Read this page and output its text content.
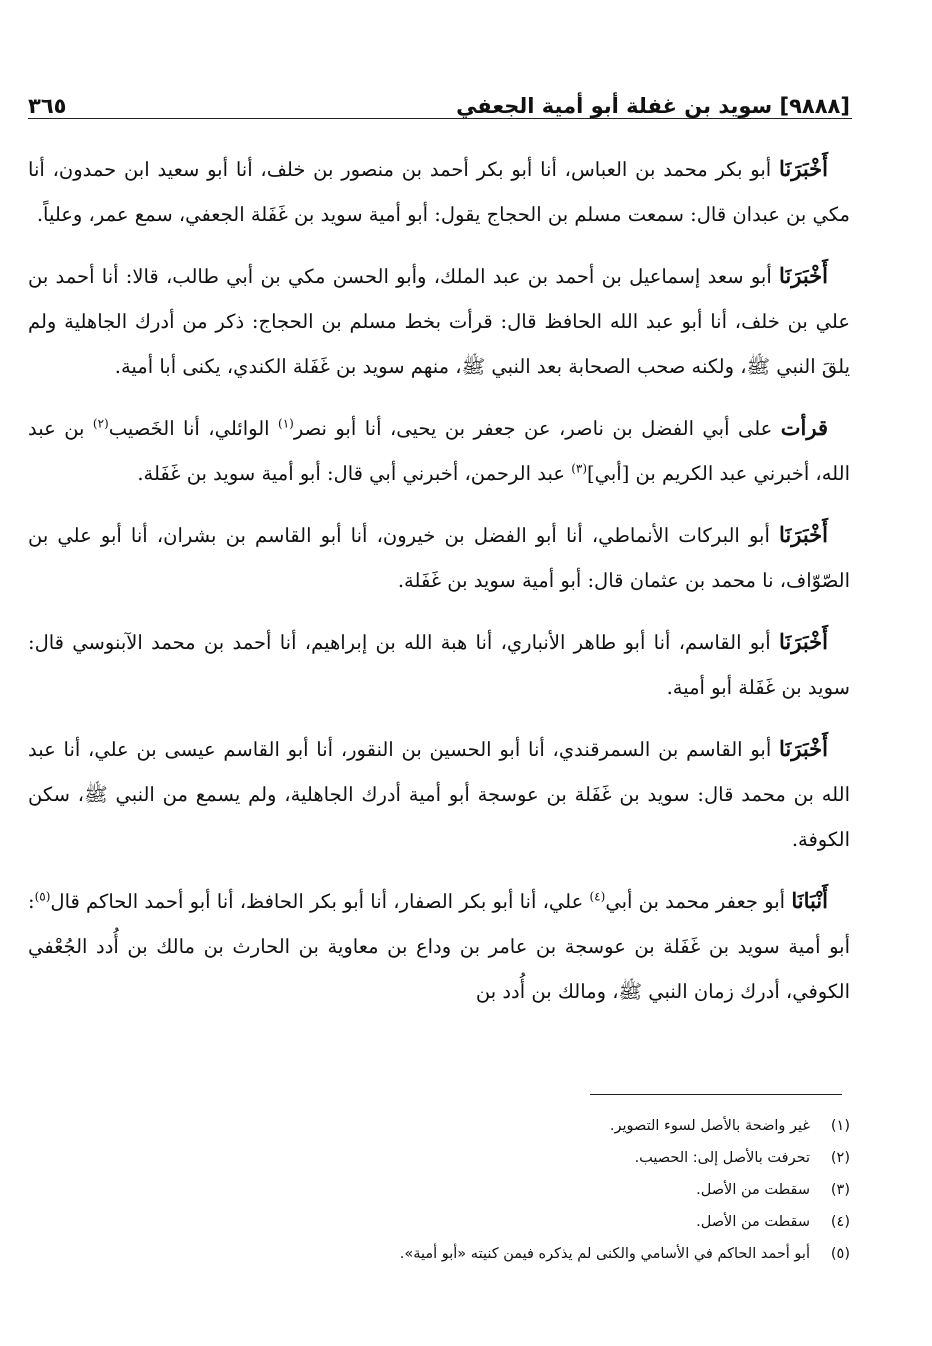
[٩٨٨٨] سويد بن غفلة أبو أمية الجعفي
٣٦٥

أَخْبَرَنَا أبو بكر محمد بن العباس، أنا أبو بكر أحمد بن منصور بن خلف، أنا أبو سعيد ابن حمدون، أنا مكي بن عبدان قال: سمعت مسلم بن الحجاج يقول: أبو أمية سويد بن غَفَلة الجعفي، سمع عمر، وعلياً.

أَخْبَرَنَا أبو سعد إسماعيل بن أحمد بن عبد الملك، وأبو الحسن مكي بن أبي طالب، قالا: أنا أحمد بن علي بن خلف، أنا أبو عبد الله الحافظ قال: قرأت بخط مسلم بن الحجاج: ذكر من أدرك الجاهلية ولم يلقَ النبي ﷺ، ولكنه صحب الصحابة بعد النبي ﷺ، منهم سويد بن غَفَلة الكندي، يكنى أبا أمية.

قرأت على أبي الفضل بن ناصر، عن جعفر بن يحيى، أنا أبو نصر$^{(١)}$ الوائلي، أنا الخَصيب$^{(٢)}$ بن عبد الله، أخبرني عبد الكريم بن [أبي]$^{(٣)}$ عبد الرحمن، أخبرني أبي قال: أبو أمية سويد بن غَفَلة.

أَخْبَرَنَا أبو البركات الأنماطي، أنا أبو الفضل بن خيرون، أنا أبو القاسم بن بشران، أنا أبو علي بن الصّوّاف، نا محمد بن عثمان قال: أبو أمية سويد بن غَفَلة.

أَخْبَرَنَا أبو القاسم، أنا أبو طاهر الأنباري، أنا هبة الله بن إبراهيم، أنا أحمد بن محمد الآبنوسي قال: سويد بن غَفَلة أبو أمية.

أَخْبَرَنَا أبو القاسم بن السمرقندي، أنا أبو الحسين بن النقور، أنا أبو القاسم عيسى بن علي، أنا عبد الله بن محمد قال: سويد بن غَفَلة بن عوسجة أبو أمية أدرك الجاهلية، ولم يسمع من النبي ﷺ، سكن الكوفة.

أَنْبَانَا أبو جعفر محمد بن أبي$^{(٤)}$ علي، أنا أبو بكر الصفار، أنا أبو بكر الحافظ، أنا أبو أحمد الحاكم قال$^{(٥)}$: أبو أمية سويد بن غَفَلة بن عوسجة بن عامر بن وداع بن معاوية بن الحارث بن مالك بن أُدد الجُعْفي الكوفي، أدرك زمان النبي ﷺ، ومالك بن أُدد بن

(١)
غير واضحة بالأصل لسوء التصوير.
(٢)
تحرفت بالأصل إلى: الحصيب.
(٣)
سقطت من الأصل.
(٤)
سقطت من الأصل.
(٥)
أبو أحمد الحاكم في الأسامي والكنى لم يذكره فيمن كنيته «أبو أمية».
